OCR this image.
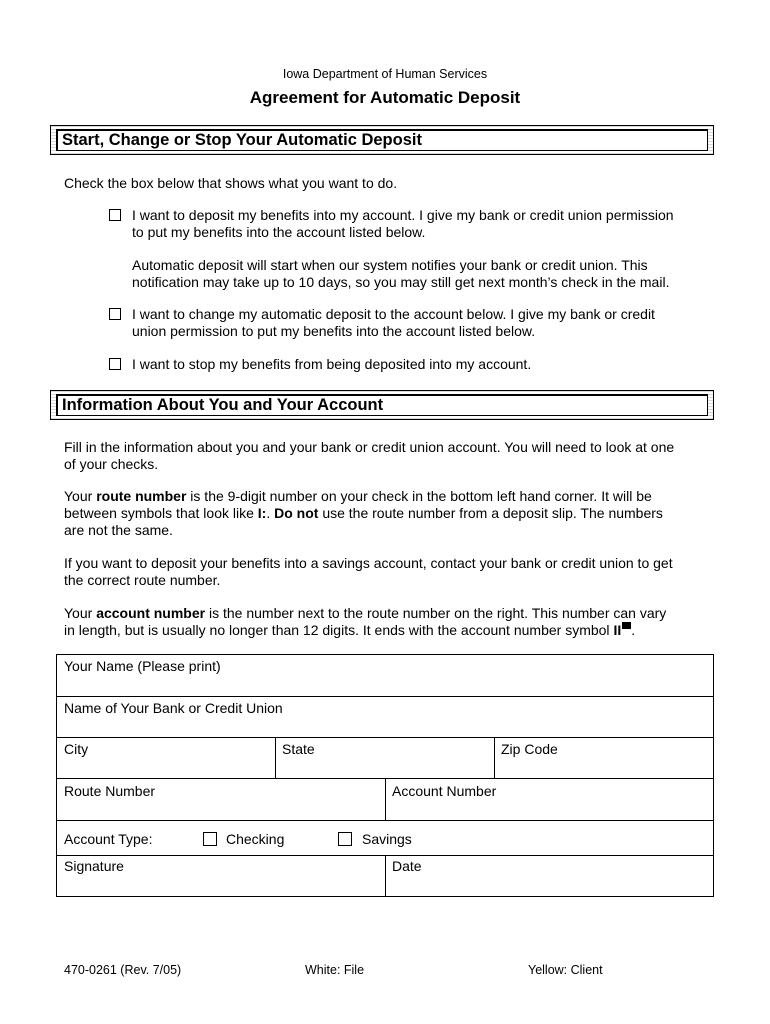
Iowa Department of Human Services
Agreement for Automatic Deposit
Start, Change or Stop Your Automatic Deposit
Check the box below that shows what you want to do.
I want to deposit my benefits into my account. I give my bank or credit union permission
to put my benefits into the account listed below.
Automatic deposit will start when our system notifies your bank or credit union. This
notification may take up to 10 days, so you may still get next month’s check in the mail.
I want to change my automatic deposit to the account below. I give my bank or credit
union permission to put my benefits into the account listed below.
I want to stop my benefits from being deposited into my account.
Information About You and Your Account
Fill in the information about you and your bank or credit union account. You will need to look at one
of your checks.
Your route number is the 9-digit number on your check in the bottom left hand corner. It will be
between symbols that look like I:. Do not use the route number from a deposit slip. The numbers
are not the same.
If you want to deposit your benefits into a savings account, contact your bank or credit union to get
the correct route number.
Your account number is the number next to the route number on the right. This number can vary
in length, but is usually no longer than 12 digits. It ends with the account number symbol II .
Your Name (Please print)
Name of Your Bank or Credit Union
City	State	Zip Code
Route Number	Account Number
Account Type:	Checking	Savings
Signature	Date
470-0261 (Rev. 7/05)	White: File	Yellow: Client
